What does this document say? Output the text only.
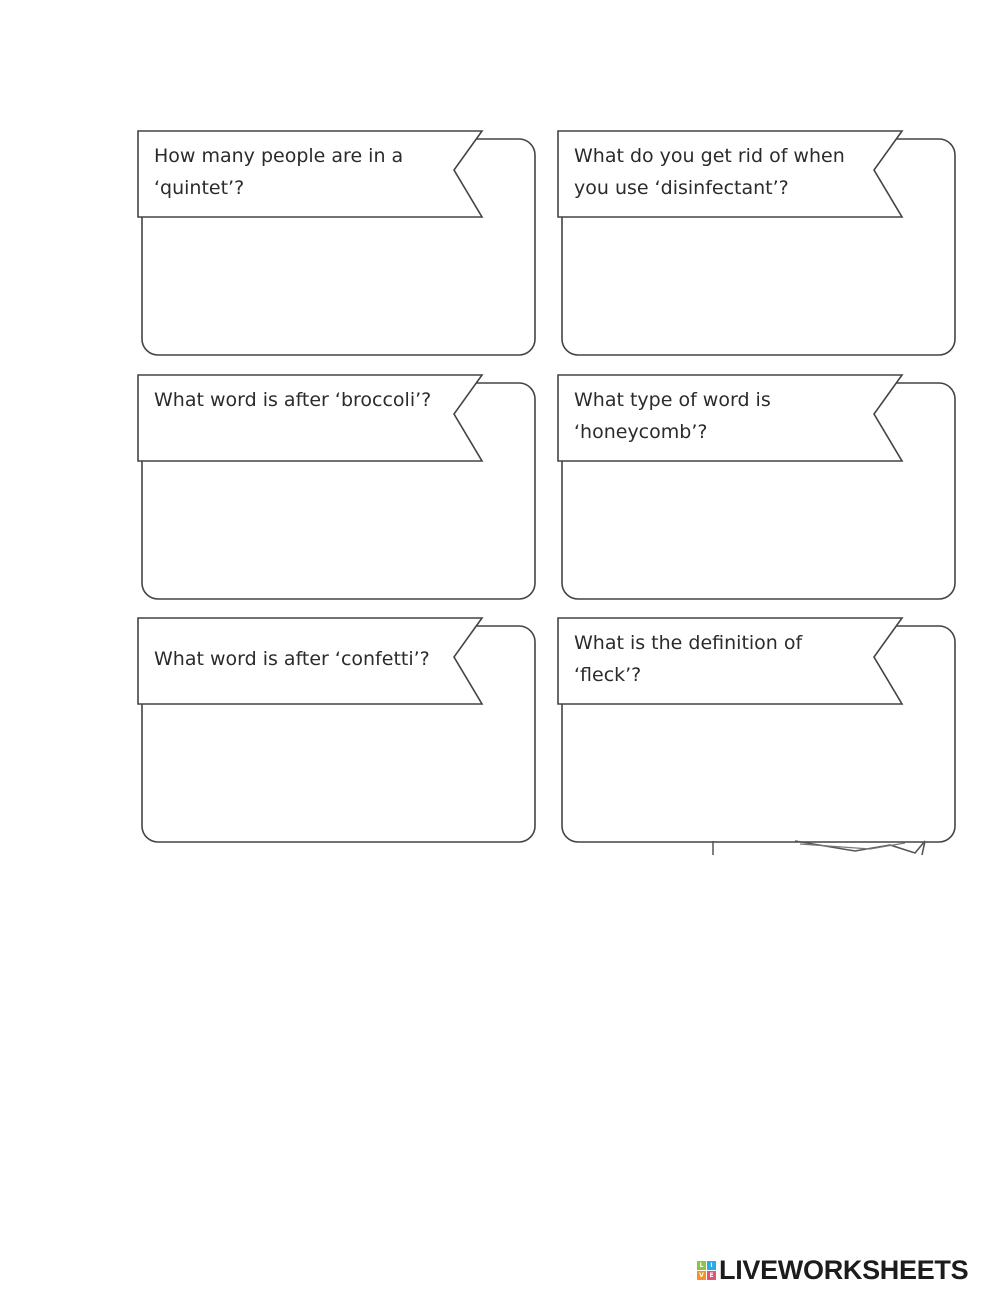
How many people are in a ‘quintet’?
What do you get rid of when you use ‘disinfectant’?
What word is after ‘broccoli’?	What type of word is ‘honeycomb’?
What word is after ‘confetti’?
What is the definition of ‘fleck’?
L	I
V E LIVEWORKSHEETS
